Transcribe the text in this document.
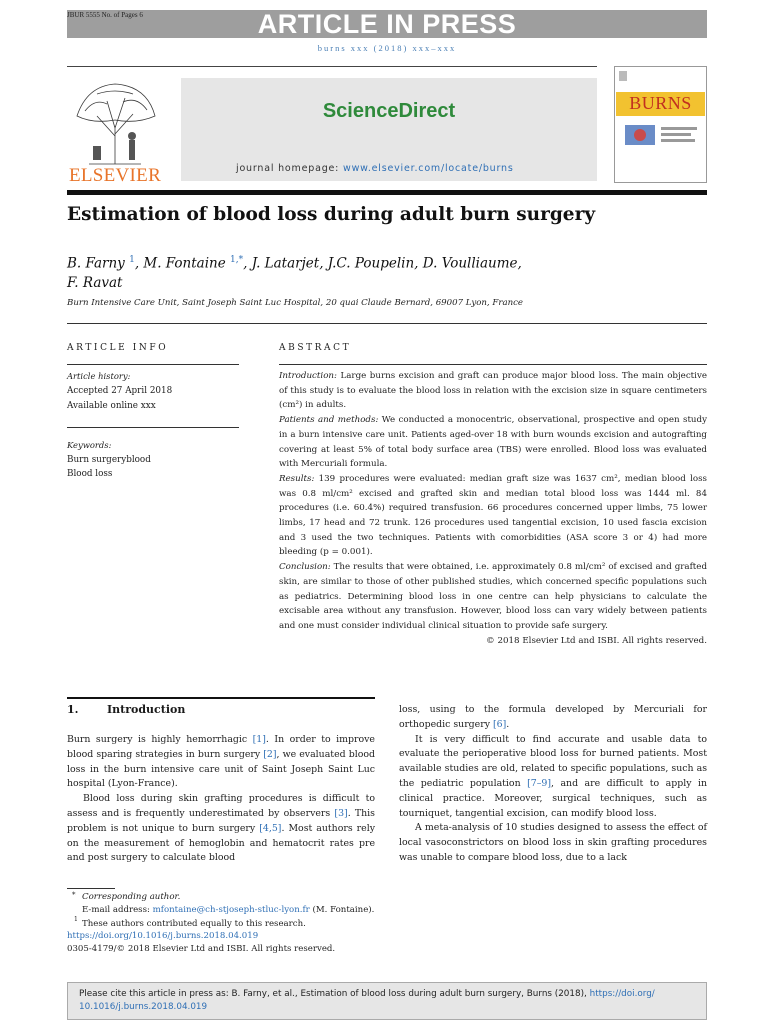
JBUR 5555 No. of Pages 6	ARTICLE IN PRESS
burns xxx (2018) xxx–xxx
ELSEVIER
ScienceDirect
journal homepage: www.elsevier.com/locate/burns
BURNS
Estimation of blood loss during adult burn surgery
B. Farny $^1$, M. Fontaine $^{1,*}$, J. Latarjet, J.C. Poupelin, D. Voulliaume,
F. Ravat
Burn Intensive Care Unit, Saint Joseph Saint Luc Hospital, 20 quai Claude Bernard, 69007 Lyon, France
ARTICLE INFO
Article history:
Accepted 27 April 2018
Available online xxx
Keywords:
Burn surgeryblood
Blood loss
ABSTRACT

Introduction: Large burns excision and graft can produce major blood loss. The main objective of this study is to evaluate the blood loss in relation with the excision size in square centimeters (cm²) in adults.

Patients and methods: We conducted a monocentric, observational, prospective and open study in a burn intensive care unit. Patients aged-over 18 with burn wounds excision and autografting covering at least 5% of total body surface area (TBS) were enrolled. Blood loss was evaluated with Mercuriali formula.

Results: 139 procedures were evaluated: median graft size was 1637 cm², median blood loss was 0.8 ml/cm² excised and grafted skin and median total blood loss was 1444 ml. 84 procedures (i.e. 60.4%) required transfusion. 66 procedures concerned upper limbs, 75 lower limbs, 17 head and 72 trunk. 126 procedures used tangential excision, 10 used fascia excision and 3 used the two techniques. Patients with comorbidities (ASA score 3 or 4) had more bleeding (p = 0.001).

Conclusion: The results that were obtained, i.e. approximately 0.8 ml/cm² of excised and grafted skin, are similar to those of other published studies, which concerned specific populations such as pediatrics. Determining blood loss in one centre can help physicians to calculate the excisable area without any transfusion. However, blood loss can vary widely between patients and one must consider individual clinical situation to provide safe surgery.

© 2018 Elsevier Ltd and ISBI. All rights reserved.

1.	Introduction

Burn surgery is highly hemorrhagic [1]. In order to improve blood sparing strategies in burn surgery [2], we evaluated blood loss in the burn intensive care unit of Saint Joseph Saint Luc hospital (Lyon-France).

Blood loss during skin grafting procedures is difficult to assess and is frequently underestimated by observers [3]. This problem is not unique to burn surgery [4,5]. Most authors rely on the measurement of hemoglobin and hematocrit rates pre and post surgery to calculate blood

loss, using to the formula developed by Mercuriali for orthopedic surgery [6].

It is very difficult to find accurate and usable data to evaluate the perioperative blood loss for burned patients. Most available studies are old, related to specific populations, such as the pediatric population [7–9], and are difficult to apply in clinical practice. Moreover, surgical techniques, such as tourniquet, tangential excision, can modify blood loss.

A meta-analysis of 10 studies designed to assess the effect of local vasoconstrictors on blood loss in skin grafting procedures was unable to compare blood loss, due to a lack

* Corresponding author.
E-mail address: mfontaine@ch-stjoseph-stluc-lyon.fr (M. Fontaine).
1 These authors contributed equally to this research.
https://doi.org/10.1016/j.burns.2018.04.019
0305-4179/© 2018 Elsevier Ltd and ISBI. All rights reserved.
Please cite this article in press as: B. Farny, et al., Estimation of blood loss during adult burn surgery, Burns (2018), https://doi.org/
10.1016/j.burns.2018.04.019
